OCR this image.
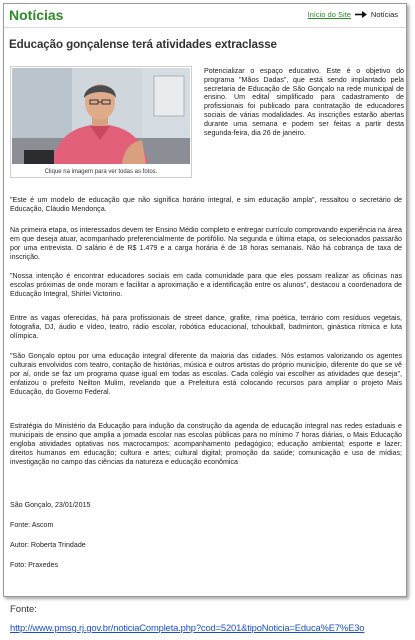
Notícias	Início do Site	Notícias
Educação gonçalense terá atividades extraclasse
Clique na imagem para ver todas as fotos.
Potencializar o espaço educativo. Este é o objetivo do programa "Mãos Dadas", que está sendo implantado pela secretaria de Educação de São Gonçalo na rede municipal de ensino. Um edital simplificado para cadastramento de profissionais foi publicado para contratação de educadores sociais de várias modalidades. As inscrições estarão abertas durante uma semana e podem ser feitas a partir desta segunda-feira, dia 26 de janeiro.
"Este é um modelo de educação que não significa horário integral, e sim educação ampla", ressaltou o secretário de Educação, Cláudio Mendonça.
Na primeira etapa, os interessados devem ter Ensino Médio completo e entregar currículo comprovando experiência na área em que deseja atuar, acompanhado preferencialmente de portifólio. Na segunda e última etapa, os selecionados passarão por uma entrevista. O salário é de R$ 1.479 e a carga horária é de 18 horas semanais. Não há cobrança de taxa de inscrição.
"Nossa intenção é encontrar educadores sociais em cada comunidade para que eles possam realizar as oficinas nas escolas próximas de onde moram e facilitar a aproximação e a identificação entre os alunos", destacou a coordenadora de Educação Integral, Shirlei Victorino.
Entre as vagas oferecidas, há para profissionais de street dance, grafite, rima poética, terrário com resíduos vegetais, fotografia, DJ, áudio e vídeo, teatro, rádio escolar, robótica educacional, tchoukball, badminton, ginástica rítmica e luta olímpica.
"São Gonçalo optou por uma educação integral diferente da maioria das cidades. Nós estamos valorizando os agentes culturais envolvidos com teatro, contação de histórias, música e outros artistas do próprio município, diferente do que se vê por aí, onde se faz um programa quase igual em todas as escolas. Cada colégio vai escolher as atividades que deseja", enfatizou o prefeito Neilton Mulim, revelando que a Prefeitura está colocando recursos para ampliar o projeto Mais Educação, do Governo Federal.
Estratégia do Ministério da Educação para indução da construção da agenda de educação integral nas redes estaduais e municipais de ensino que amplia a jornada escolar nas escolas públicas para no mínimo 7 horas diárias, o Mais Educação engloba atividades optativas nos macrocampos: acompanhamento pedagógico; educação ambiental; esporte e lazer; direitos humanos em educação; cultura e artes; cultural digital; promoção da saúde; comunicação e uso de mídias; investigação no campo das ciências da natureza e educação econômica
São Gonçalo, 23/01/2015
Fonte: Ascom
Autor: Roberta Trindade
Foto: Praxedes
Fonte:
http://www.pmsg.rj.gov.br/noticiaCompleta.php?cod=5201&tipoNoticia=Educa%E7%E3o
